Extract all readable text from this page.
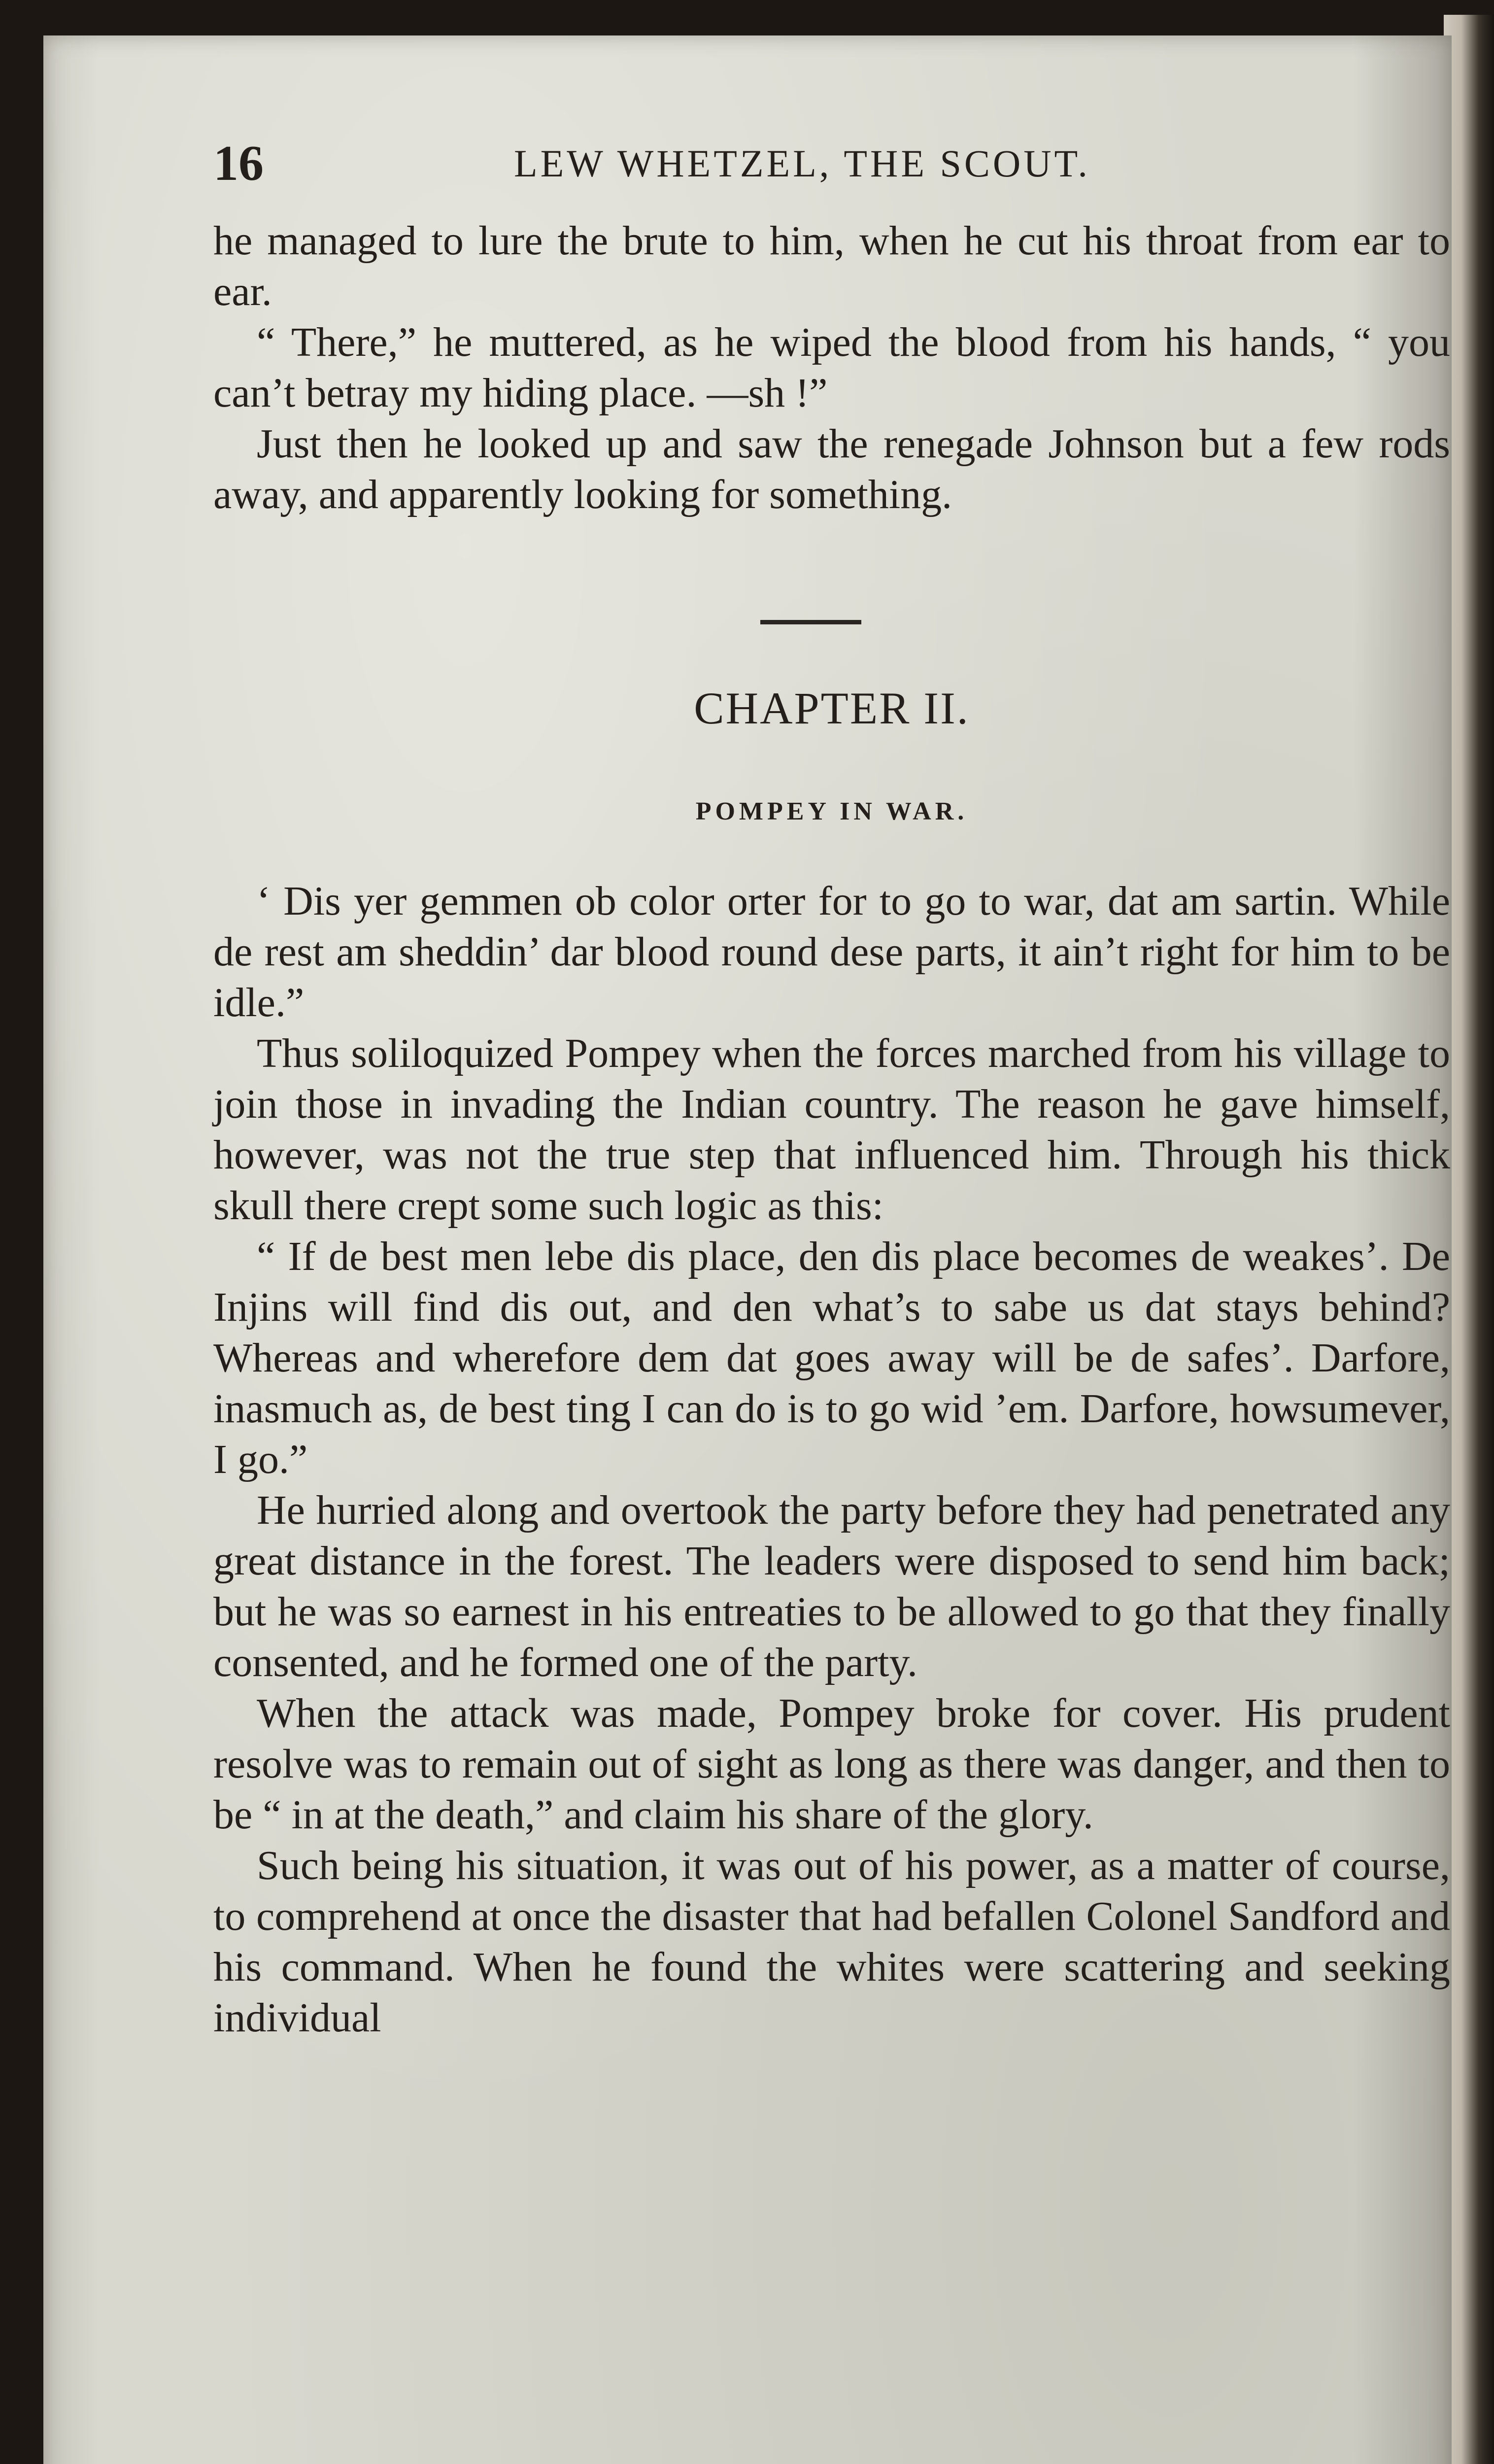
16	LEW WHETZEL, THE SCOUT.

he managed to lure the brute to him, when he cut his throat from ear to ear.

“ There,” he muttered, as he wiped the blood from his hands, “ you can’t betray my hiding place. —sh !”

Just then he looked up and saw the renegade Johnson but a few rods away, and apparently looking for something.

CHAPTER II.
POMPEY IN WAR.

‘ Dis yer gemmen ob color orter for to go to war, dat am sartin. While de rest am sheddin’ dar blood round dese parts, it ain’t right for him to be idle.”

Thus soliloquized Pompey when the forces marched from his village to join those in invading the Indian country. The reason he gave himself, however, was not the true step that influenced him. Through his thick skull there crept some such logic as this:

“ If de best men lebe dis place, den dis place becomes de weakes’. De Injins will find dis out, and den what’s to sabe us dat stays behind? Whereas and wherefore dem dat goes away will be de safes’. Darfore, inasmuch as, de best ting I can do is to go wid ’em. Darfore, howsumever, I go.”

He hurried along and overtook the party before they had penetrated any great distance in the forest. The leaders were disposed to send him back; but he was so earnest in his entreaties to be allowed to go that they finally consented, and he formed one of the party.

When the attack was made, Pompey broke for cover. His prudent resolve was to remain out of sight as long as there was danger, and then to be “ in at the death,” and claim his share of the glory.

Such being his situation, it was out of his power, as a matter of course, to comprehend at once the disaster that had befallen Colonel Sandford and his command. When he found the whites were scattering and seeking individual
